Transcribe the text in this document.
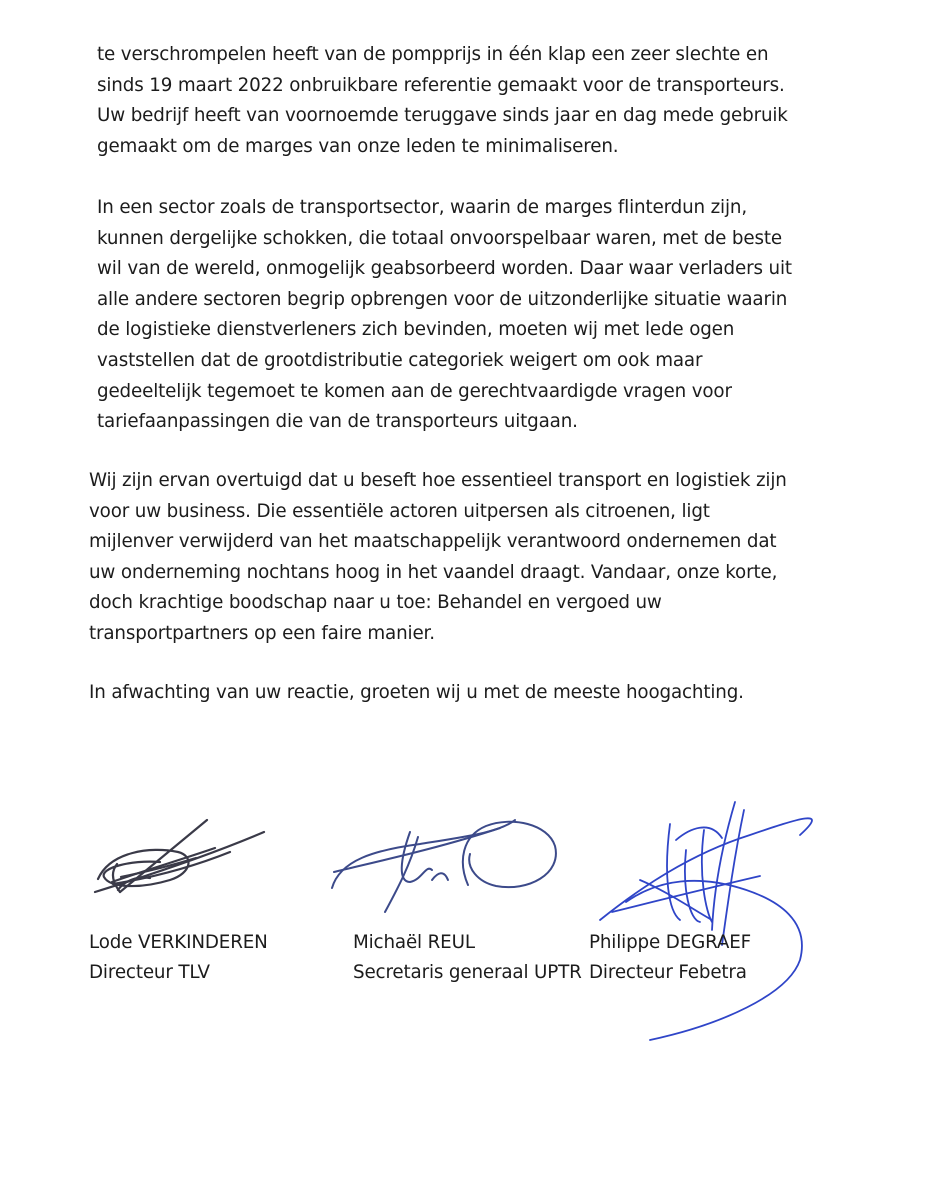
te verschrompelen heeft van de pompprijs in één klap een zeer slechte en
sinds 19 maart 2022 onbruikbare referentie gemaakt voor de transporteurs.
Uw bedrijf heeft van voornoemde teruggave sinds jaar en dag mede gebruik
gemaakt om de marges van onze leden te minimaliseren.

In een sector zoals de transportsector, waarin de marges flinterdun zijn,
kunnen dergelijke schokken, die totaal onvoorspelbaar waren, met de beste
wil van de wereld, onmogelijk geabsorbeerd worden. Daar waar verladers uit
alle andere sectoren begrip opbrengen voor de uitzonderlijke situatie waarin
de logistieke dienstverleners zich bevinden, moeten wij met lede ogen
vaststellen dat de grootdistributie categoriek weigert om ook maar
gedeeltelijk tegemoet te komen aan de gerechtvaardigde vragen voor
tariefaanpassingen die van de transporteurs uitgaan.

Wij zijn ervan overtuigd dat u beseft hoe essentieel transport en logistiek zijn
voor uw business. Die essentiële actoren uitpersen als citroenen, ligt
mijlenver verwijderd van het maatschappelijk verantwoord ondernemen dat
uw onderneming nochtans hoog in het vaandel draagt. Vandaar, onze korte,
doch krachtige boodschap naar u toe: Behandel en vergoed uw
transportpartners op een faire manier.

In afwachting van uw reactie, groeten wij u met de meeste hoogachting.

Lode VERKINDEREN
Directeur TLV
Michaël REUL
Secretaris generaal UPTR
Philippe DEGRAEF
Directeur Febetra
